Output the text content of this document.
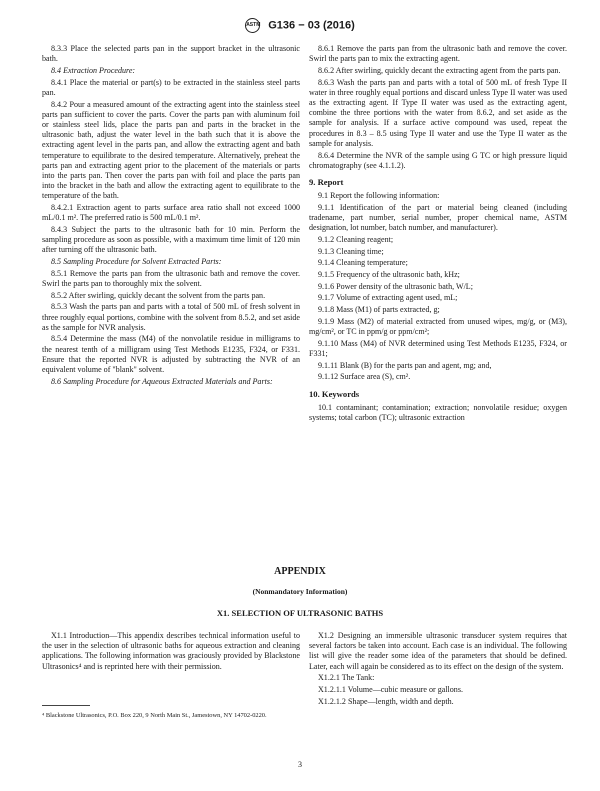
ASTM G136 − 03 (2016)

8.3.3 Place the selected parts pan in the support bracket in the ultrasonic bath.

8.4 Extraction Procedure:

8.4.1 Place the material or part(s) to be extracted in the stainless steel parts pan.

8.4.2 Pour a measured amount of the extracting agent into the stainless steel parts pan sufficient to cover the parts. Cover the parts pan with aluminum foil or stainless steel lids, place the parts pan and parts in the bracket in the ultrasonic bath, adjust the water level in the bath such that it is above the extracting agent level in the parts pan, and allow the extracting agent and bath temperature to equilibrate to the desired temperature. Alternatively, preheat the parts pan and extracting agent prior to the placement of the materials or parts into the parts pan. Then cover the parts pan with foil and place the parts pan into the bracket in the bath and allow the extracting agent to equilibrate to the temperature of the bath.

8.4.2.1 Extraction agent to parts surface area ratio shall not exceed 1000 mL/0.1 m². The preferred ratio is 500 mL/0.1 m².

8.4.3 Subject the parts to the ultrasonic bath for 10 min. Perform the sampling procedure as soon as possible, with a maximum time limit of 120 min after turning off the ultrasonic bath.

8.5 Sampling Procedure for Solvent Extracted Parts:

8.5.1 Remove the parts pan from the ultrasonic bath and remove the cover. Swirl the parts pan to thoroughly mix the solvent.

8.5.2 After swirling, quickly decant the solvent from the parts pan.

8.5.3 Wash the parts pan and parts with a total of 500 mL of fresh solvent in three roughly equal portions, combine with the solvent from 8.5.2, and set aside as the sample for NVR analysis.

8.5.4 Determine the mass (M4) of the nonvolatile residue in milligrams to the nearest tenth of a milligram using Test Methods E1235, F324, or F331. Ensure that the reported NVR is adjusted by subtracting the NVR of an equivalent volume of "blank" solvent.

8.6 Sampling Procedure for Aqueous Extracted Materials and Parts:

8.6.1 Remove the parts pan from the ultrasonic bath and remove the cover. Swirl the parts pan to mix the extracting agent.

8.6.2 After swirling, quickly decant the extracting agent from the parts pan.

8.6.3 Wash the parts pan and parts with a total of 500 mL of fresh Type II water in three roughly equal portions and discard unless Type II water was used as the extracting agent. If Type II water was used as the extracting agent, combine the three portions with the water from 8.6.2, and set aside as the sample for analysis. If a surface active compound was used, repeat the procedures in 8.3 – 8.5 using Type II water and use the Type II water as the sample for analysis.

8.6.4 Determine the NVR of the sample using G TC or high pressure liquid chromatography (see 4.1.1.2).

9. Report

9.1 Report the following information:

9.1.1 Identification of the part or material being cleaned (including tradename, part number, serial number, proper chemical name, ASTM designation, lot number, batch number, and manufacturer).

9.1.2 Cleaning reagent;

9.1.3 Cleaning time;

9.1.4 Cleaning temperature;

9.1.5 Frequency of the ultrasonic bath, kHz;

9.1.6 Power density of the ultrasonic bath, W/L;

9.1.7 Volume of extracting agent used, mL;

9.1.8 Mass (M1) of parts extracted, g;

9.1.9 Mass (M2) of material extracted from unused wipes, mg/g, or (M3), mg/cm², or TC in ppm/g or ppm/cm²;

9.1.10 Mass (M4) of NVR determined using Test Methods E1235, F324, or F331;

9.1.11 Blank (B) for the parts pan and agent, mg; and,

9.1.12 Surface area (S), cm².

10. Keywords

10.1 contaminant; contamination; extraction; nonvolatile residue; oxygen systems; total carbon (TC); ultrasonic extraction

APPENDIX
(Nonmandatory Information)
X1. SELECTION OF ULTRASONIC BATHS

X1.1 Introduction—This appendix describes technical information useful to the user in the selection of ultrasonic baths for aqueous extraction and cleaning applications. The following information was graciously provided by Blackstone Ultrasonics⁴ and is reprinted here with their permission.

X1.2 Designing an immersible ultrasonic transducer system requires that several factors be taken into account. Each case is an individual. The following list will give the reader some idea of the parameters that should be defined. Later, each will again be considered as to its effect on the design of the system.

X1.2.1 The Tank:

X1.2.1.1 Volume—cubic measure or gallons.

X1.2.1.2 Shape—length, width and depth.

⁴ Blackstone Ultrasonics, P.O. Box 220, 9 North Main St., Jamestown, NY 14702-0220.
3
